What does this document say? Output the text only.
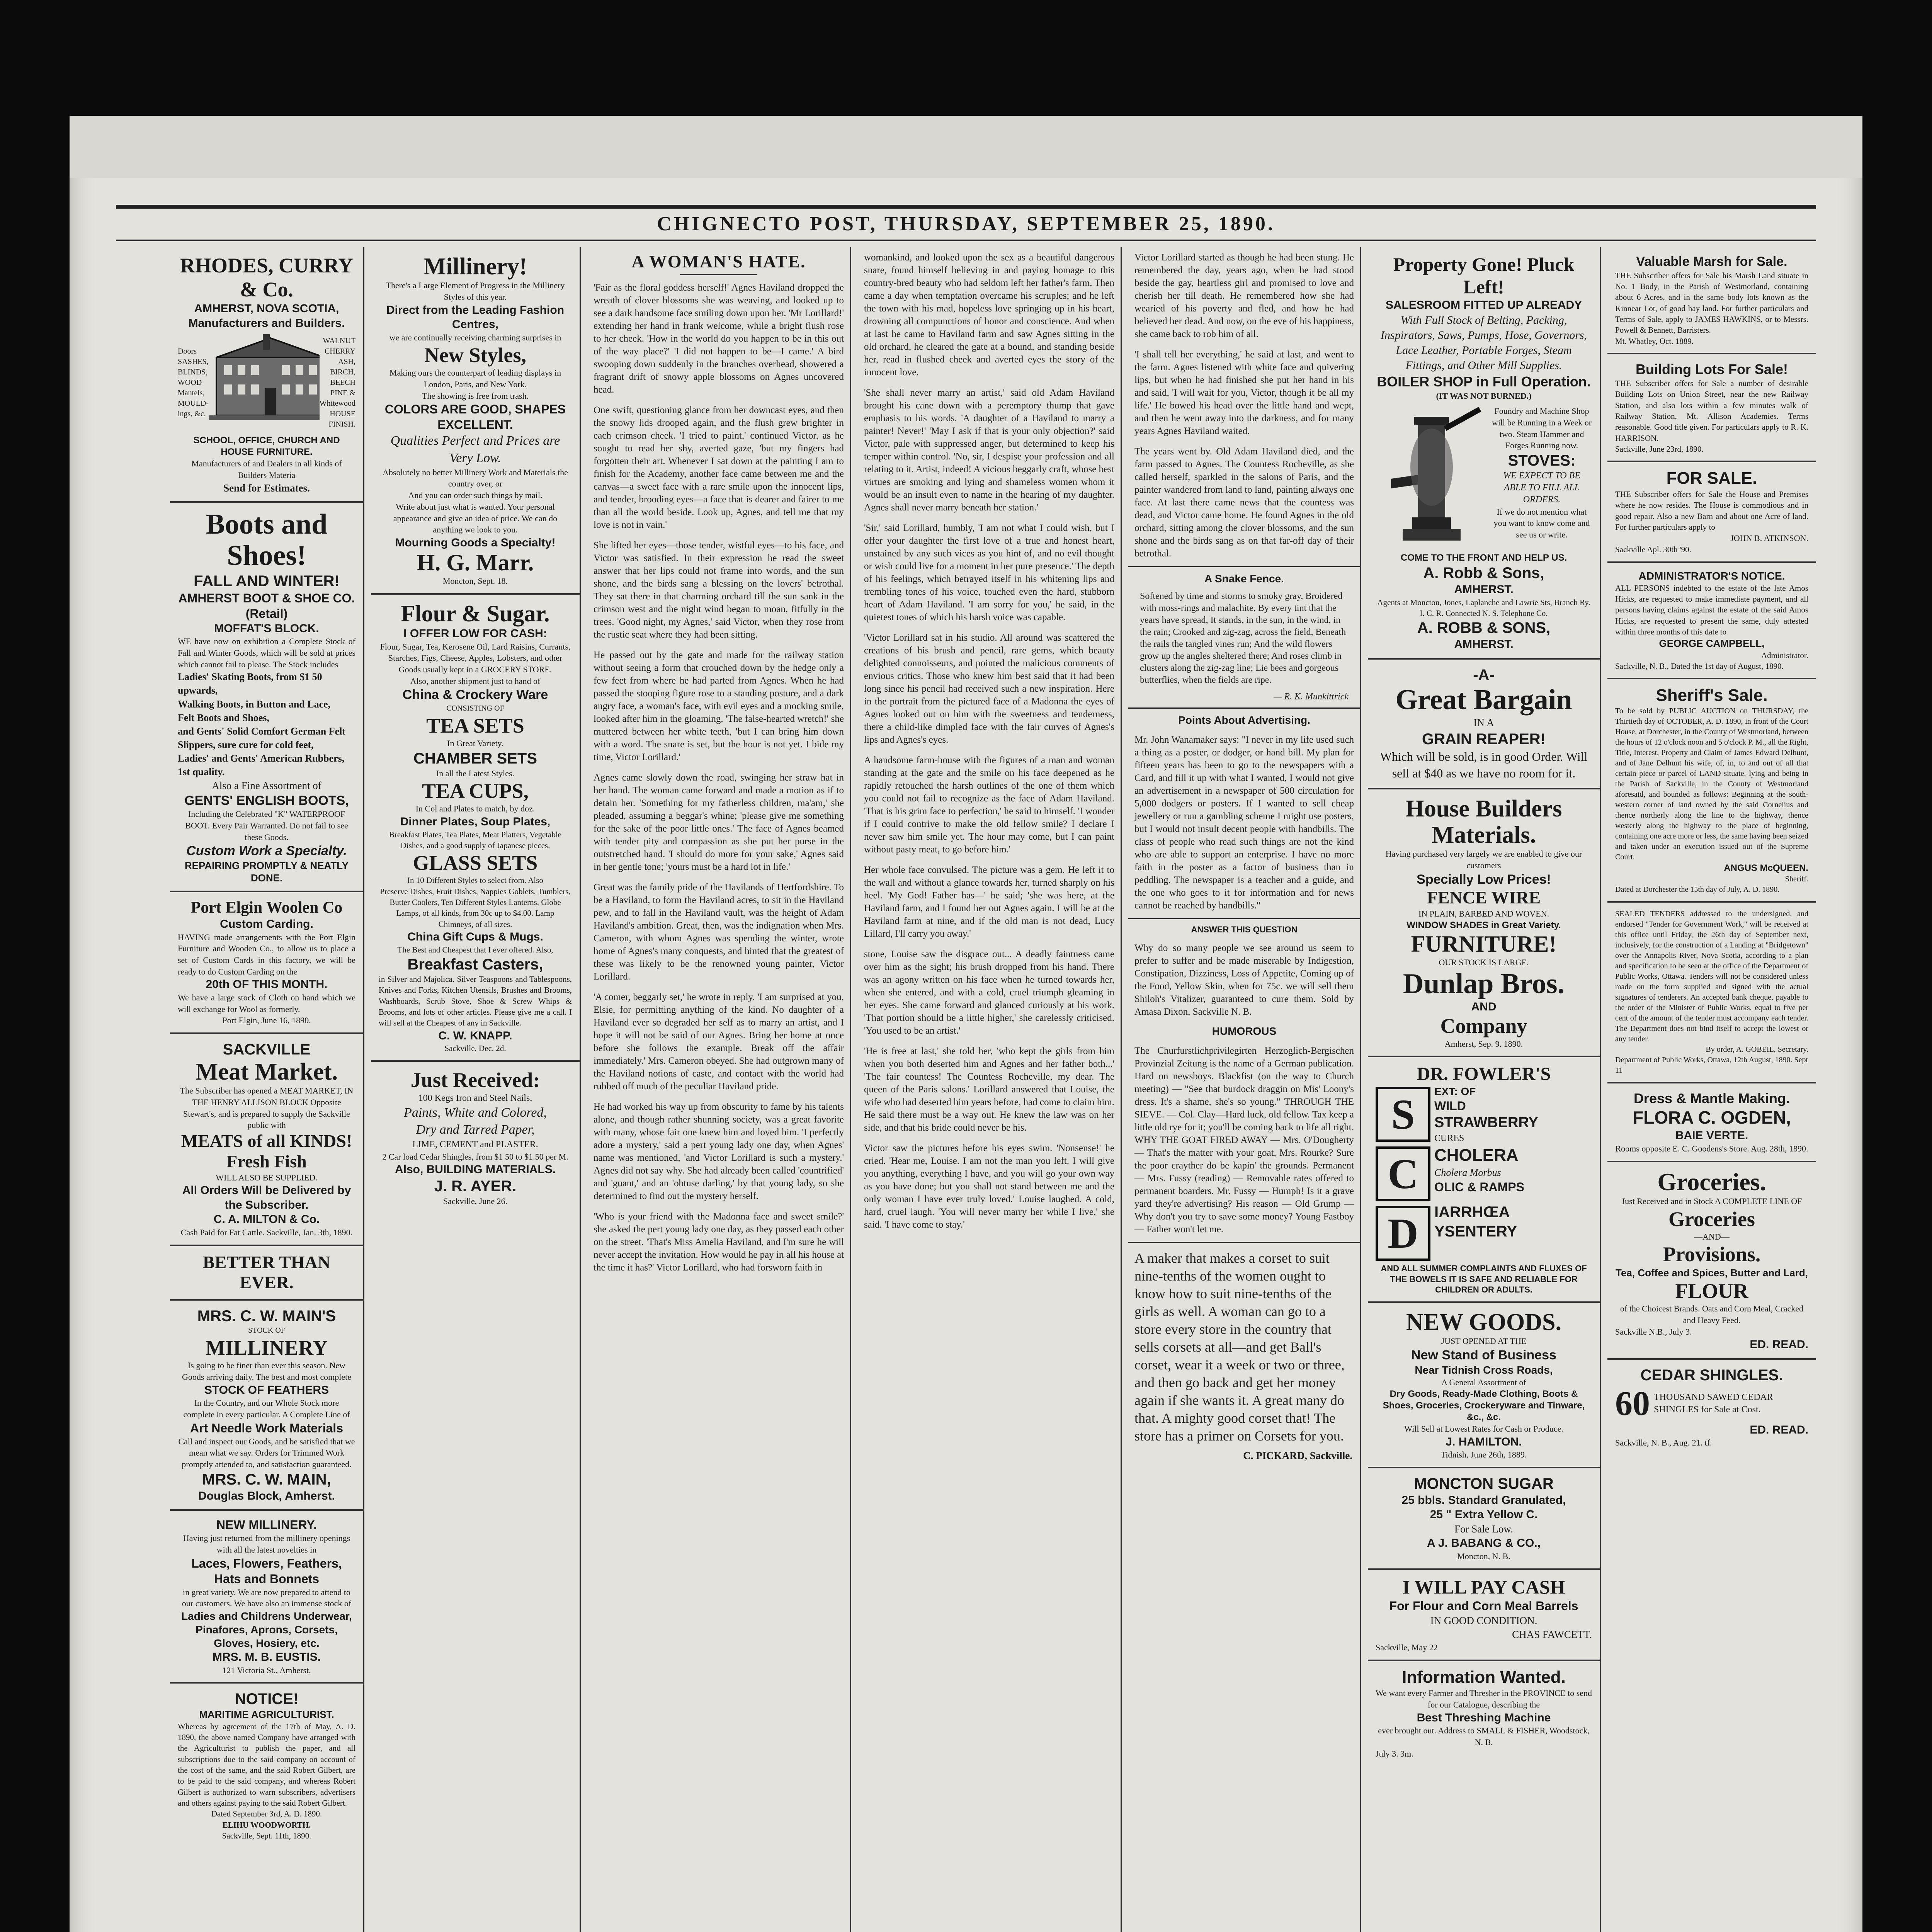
CHIGNECTO POST, THURSDAY, SEPTEMBER 25, 1890.
RHODES, CURRY & Co.
AMHERST, NOVA SCOTIA,
Manufacturers and Builders.
Doors
SASHES,
BLINDS,
WOOD
Mantels,
MOULD-
ings, &c.
WALNUT
CHERRY
ASH,
BIRCH,
BEECH
PINE &
Whitewood
HOUSE
FINISH.
SCHOOL, OFFICE, CHURCH AND HOUSE FURNITURE.
Manufacturers of and Dealers in all kinds of Builders Materia
Send for Estimates.
Boots and Shoes!
FALL AND WINTER!
AMHERST BOOT & SHOE CO. (Retail)
MOFFAT'S BLOCK.
WE have now on exhibition a Complete Stock of Fall and Winter Goods, which will be sold at prices which cannot fail to please. The Stock includes
Ladies' Skating Boots, from $1 50 upwards,
Walking Boots, in Button and Lace,
Felt Boots and Shoes,
and Gents' Solid Comfort German Felt Slippers, sure cure for cold feet,
Ladies' and Gents' American Rubbers, 1st quality.
Also a Fine Assortment of
GENTS' ENGLISH BOOTS,
Including the Celebrated "K" WATERPROOF BOOT. Every Pair Warranted. Do not fail to see these Goods.
Custom Work a Specialty.
REPAIRING PROMPTLY & NEATLY DONE.
Port Elgin Woolen Co
Custom Carding.
HAVING made arrangements with the Port Elgin Furniture and Wooden Co., to allow us to place a set of Custom Cards in this factory, we will be ready to do Custom Carding on the
20th OF THIS MONTH.
We have a large stock of Cloth on hand which we will exchange for Wool as formerly.
Port Elgin, June 16, 1890.
SACKVILLE
Meat Market.
The Subscriber has opened a MEAT MARKET, IN THE HENRY ALLISON BLOCK Opposite Stewart's, and is prepared to supply the Sackville public with
MEATS of all KINDS!
Fresh Fish
WILL ALSO BE SUPPLIED.
All Orders Will be Delivered by the Subscriber.
C. A. MILTON & Co.
Cash Paid for Fat Cattle. Sackville, Jan. 3th, 1890.
BETTER THAN EVER.
MRS. C. W. MAIN'S
STOCK OF
MILLINERY
Is going to be finer than ever this season. New Goods arriving daily. The best and most complete
STOCK OF FEATHERS
In the Country, and our Whole Stock more complete in every particular. A Complete Line of
Art Needle Work Materials
Call and inspect our Goods, and be satisfied that we mean what we say. Orders for Trimmed Work promptly attended to, and satisfaction guaranteed.
MRS. C. W. MAIN,
Douglas Block, Amherst.
NEW MILLINERY.
Having just returned from the millinery openings with all the latest novelties in
Laces, Flowers, Feathers, Hats and Bonnets
in great variety. We are now prepared to attend to our customers. We have also an immense stock of
Ladies and Childrens Underwear, Pinafores, Aprons, Corsets, Gloves, Hosiery, etc.
MRS. M. B. EUSTIS.
121 Victoria St., Amherst.
NOTICE!
MARITIME AGRICULTURIST.
Whereas by agreement of the 17th of May, A. D. 1890, the above named Company have arranged with the Agriculturist to publish the paper, and all subscriptions due to the said company on account of the cost of the same, and the said Robert Gilbert, are to be paid to the said company, and whereas Robert Gilbert is authorized to warn subscribers, advertisers and others against paying to the said Robert Gilbert.
Dated September 3rd, A. D. 1890.
ELIHU WOODWORTH.
Sackville, Sept. 11th, 1890.
Millinery!
There's a Large Element of Progress in the Millinery Styles of this year.
Direct from the Leading Fashion Centres,
we are continually receiving charming surprises in
New Styles,
Making ours the counterpart of leading displays in London, Paris, and New York.
The showing is free from trash.
COLORS ARE GOOD, SHAPES EXCELLENT.
Qualities Perfect and Prices are Very Low.
Absolutely no better Millinery Work and Materials the country over, or
And you can order such things by mail.
Write about just what is wanted. Your personal appearance and give an idea of price. We can do anything we look to you.
Mourning Goods a Specialty!
H. G. Marr.
Moncton, Sept. 18.
Flour & Sugar.
I OFFER LOW FOR CASH:
Flour, Sugar, Tea, Kerosene Oil, Lard Raisins, Currants, Starches, Figs, Cheese, Apples, Lobsters, and other Goods usually kept in a GROCERY STORE.
Also, another shipment just to hand of
China & Crockery Ware
CONSISTING OF
TEA SETS
In Great Variety.
CHAMBER SETS
In all the Latest Styles.
TEA CUPS,
In Col and Plates to match, by doz.
Dinner Plates, Soup Plates,
Breakfast Plates, Tea Plates, Meat Platters, Vegetable Dishes, and a good supply of Japanese pieces.
GLASS SETS
In 10 Different Styles to select from. Also
Preserve Dishes, Fruit Dishes, Nappies Goblets, Tumblers, Butter Coolers, Ten Different Styles Lanterns, Globe Lamps, of all kinds, from 30c up to $4.00. Lamp Chimneys, of all sizes.
China Gift Cups & Mugs.
The Best and Cheapest that I ever offered. Also,
Breakfast Casters,
in Silver and Majolica. Silver Teaspoons and Tablespoons, Knives and Forks, Kitchen Utensils, Brushes and Brooms, Washboards, Scrub Stove, Shoe & Screw Whips & Brooms, and lots of other articles. Please give me a call. I will sell at the Cheapest of any in Sackville.
C. W. KNAPP.
Sackville, Dec. 2d.
Just Received:
100 Kegs Iron and Steel Nails,
Paints, White and Colored,
Dry and Tarred Paper,
LIME, CEMENT and PLASTER.
2 Car load Cedar Shingles, from $1 50 to $1.50 per M.
Also, BUILDING MATERIALS.
J. R. AYER.
Sackville, June 26.
A WOMAN'S HATE.
'Fair as the floral goddess herself!' Agnes Haviland dropped the wreath of clover blossoms she was weaving, and looked up to see a dark handsome face smiling down upon her. 'Mr Lorillard!' extending her hand in frank welcome, while a bright flush rose to her cheek. 'How in the world do you happen to be in this out of the way place?' 'I did not happen to be—I came.' A bird swooping down suddenly in the branches overhead, showered a fragrant drift of snowy apple blossoms on Agnes uncovered head.
One swift, questioning glance from her downcast eyes, and then the snowy lids drooped again, and the flush grew brighter in each crimson cheek. 'I tried to paint,' continued Victor, as he sought to read her shy, averted gaze, 'but my fingers had forgotten their art. Whenever I sat down at the painting I am to finish for the Academy, another face came between me and the canvas—a sweet face with a rare smile upon the innocent lips, and tender, brooding eyes—a face that is dearer and fairer to me than all the world beside. Look up, Agnes, and tell me that my love is not in vain.'
She lifted her eyes—those tender, wistful eyes—to his face, and Victor was satisfied. In their expression he read the sweet answer that her lips could not frame into words, and the sun shone, and the birds sang a blessing on the lovers' betrothal. They sat there in that charming orchard till the sun sank in the crimson west and the night wind began to moan, fitfully in the trees. 'Good night, my Agnes,' said Victor, when they rose from the rustic seat where they had been sitting.
He passed out by the gate and made for the railway station without seeing a form that crouched down by the hedge only a few feet from where he had parted from Agnes. When he had passed the stooping figure rose to a standing posture, and a dark angry face, a woman's face, with evil eyes and a mocking smile, looked after him in the gloaming. 'The false-hearted wretch!' she muttered between her white teeth, 'but I can bring him down with a word. The snare is set, but the hour is not yet. I bide my time, Victor Lorillard.'
Agnes came slowly down the road, swinging her straw hat in her hand. The woman came forward and made a motion as if to detain her. 'Something for my fatherless children, ma'am,' she pleaded, assuming a beggar's whine; 'please give me something for the sake of the poor little ones.' The face of Agnes beamed with tender pity and compassion as she put her purse in the outstretched hand. 'I should do more for your sake,' Agnes said in her gentle tone; 'yours must be a hard lot in life.'
Great was the family pride of the Havilands of Hertfordshire. To be a Haviland, to form the Haviland acres, to sit in the Haviland pew, and to fall in the Haviland vault, was the height of Adam Haviland's ambition. Great, then, was the indignation when Mrs. Cameron, with whom Agnes was spending the winter, wrote home of Agnes's many conquests, and hinted that the greatest of these was likely to be the renowned young painter, Victor Lorillard.
'A comer, beggarly set,' he wrote in reply. 'I am surprised at you, Elsie, for permitting anything of the kind. No daughter of a Haviland ever so degraded her self as to marry an artist, and I hope it will not be said of our Agnes. Bring her home at once before she follows the example. Break off the affair immediately.' Mrs. Cameron obeyed. She had outgrown many of the Haviland notions of caste, and contact with the world had rubbed off much of the peculiar Haviland pride.
He had worked his way up from obscurity to fame by his talents alone, and though rather shunning society, was a great favorite with many, whose fair one knew him and loved him. 'I perfectly adore a mystery,' said a pert young lady one day, when Agnes' name was mentioned, 'and Victor Lorillard is such a mystery.' Agnes did not say why. She had already been called 'countrified' and 'guant,' and an 'obtuse darling,' by that young lady, so she determined to find out the mystery herself.
'Who is your friend with the Madonna face and sweet smile?' she asked the pert young lady one day, as they passed each other on the street. 'That's Miss Amelia Haviland, and I'm sure he will never accept the invitation. How would he pay in all his house at the time it has?' Victor Lorillard, who had forsworn faith in
womankind, and looked upon the sex as a beautiful dangerous snare, found himself believing in and paying homage to this country-bred beauty who had seldom left her father's farm. Then came a day when temptation overcame his scruples; and he left the town with his mad, hopeless love springing up in his heart, drowning all compunctions of honor and conscience. And when at last he came to Haviland farm and saw Agnes sitting in the old orchard, he cleared the gate at a bound, and standing beside her, read in flushed cheek and averted eyes the story of the innocent love.
'She shall never marry an artist,' said old Adam Haviland brought his cane down with a peremptory thump that gave emphasis to his words. 'A daughter of a Haviland to marry a painter! Never!' 'May I ask if that is your only objection?' said Victor, pale with suppressed anger, but determined to keep his temper within control. 'No, sir, I despise your profession and all relating to it. Artist, indeed! A vicious beggarly craft, whose best virtues are smoking and lying and shameless women whom it would be an insult even to name in the hearing of my daughter. Agnes shall never marry beneath her station.'
'Sir,' said Lorillard, humbly, 'I am not what I could wish, but I offer your daughter the first love of a true and honest heart, unstained by any such vices as you hint of, and no evil thought or wish could live for a moment in her pure presence.' The depth of his feelings, which betrayed itself in his whitening lips and trembling tones of his voice, touched even the hard, stubborn heart of Adam Haviland. 'I am sorry for you,' he said, in the quietest tones of which his harsh voice was capable.
'Victor Lorillard sat in his studio. All around was scattered the creations of his brush and pencil, rare gems, which beauty delighted connoisseurs, and pointed the malicious comments of envious critics. Those who knew him best said that it had been long since his pencil had received such a new inspiration. Here in the portrait from the pictured face of a Madonna the eyes of Agnes looked out on him with the sweetness and tenderness, there a child-like dimpled face with the fair curves of Agnes's lips and Agnes's eyes.
A handsome farm-house with the figures of a man and woman standing at the gate and the smile on his face deepened as he rapidly retouched the harsh outlines of the one of them which you could not fail to recognize as the face of Adam Haviland. 'That is his grim face to perfection,' he said to himself. 'I wonder if I could contrive to make the old fellow smile? I declare I never saw him smile yet. The hour may come, but I can paint without pasty meat, to go before him.'
Her whole face convulsed. The picture was a gem. He left it to the wall and without a glance towards her, turned sharply on his heel. 'My God! Father has—' he said; 'she was here, at the Haviland farm, and I found her out Agnes again. I will be at the Haviland farm at nine, and if the old man is not dead, Lucy Lillard, I'll carry you away.'
stone, Louise saw the disgrace out... A deadly faintness came over him as the sight; his brush dropped from his hand. There was an agony written on his face when he turned towards her, when she entered, and with a cold, cruel triumph gleaming in her eyes. She came forward and glanced curiously at his work. 'That portion should be a little higher,' she carelessly criticised. 'You used to be an artist.'
'He is free at last,' she told her, 'who kept the girls from him when you both deserted him and Agnes and her father both...' 'The fair countess! The Countess Rocheville, my dear. The queen of the Paris salons.' Lorillard answered that Louise, the wife who had deserted him years before, had come to claim him. He said there must be a way out. He knew the law was on her side, and that his bride could never be his.
Victor saw the pictures before his eyes swim. 'Nonsense!' he cried. 'Hear me, Louise. I am not the man you left. I will give you anything, everything I have, and you will go your own way as you have done; but you shall not stand between me and the only woman I have ever truly loved.' Louise laughed. A cold, hard, cruel laugh. 'You will never marry her while I live,' she said. 'I have come to stay.'
Victor Lorillard started as though he had been stung. He remembered the day, years ago, when he had stood beside the gay, heartless girl and promised to love and cherish her till death. He remembered how she had wearied of his poverty and fled, and how he had believed her dead. And now, on the eve of his happiness, she came back to rob him of all.
'I shall tell her everything,' he said at last, and went to the farm. Agnes listened with white face and quivering lips, but when he had finished she put her hand in his and said, 'I will wait for you, Victor, though it be all my life.' He bowed his head over the little hand and wept, and then he went away into the darkness, and for many years Agnes Haviland waited.
The years went by. Old Adam Haviland died, and the farm passed to Agnes. The Countess Rocheville, as she called herself, sparkled in the salons of Paris, and the painter wandered from land to land, painting always one face. At last there came news that the countess was dead, and Victor came home. He found Agnes in the old orchard, sitting among the clover blossoms, and the sun shone and the birds sang as on that far-off day of their betrothal.
A Snake Fence.
Softened by time and storms to smoky gray, Broidered with moss-rings and malachite, By every tint that the years have spread, It stands, in the sun, in the wind, in the rain; Crooked and zig-zag, across the field, Beneath the rails the tangled vines run; And the wild flowers grow up the angles sheltered there; And roses climb in clusters along the zig-zag line; Lie bees and gorgeous butterflies, when the fields are ripe.
— R. K. Munkittrick
Points About Advertising.
Mr. John Wanamaker says: "I never in my life used such a thing as a poster, or dodger, or hand bill. My plan for fifteen years has been to go to the newspapers with a Card, and fill it up with what I wanted, I would not give an advertisement in a newspaper of 500 circulation for 5,000 dodgers or posters. If I wanted to sell cheap jewellery or run a gambling scheme I might use posters, but I would not insult decent people with handbills. The class of people who read such things are not the kind who are able to support an enterprise. I have no more faith in the poster as a factor of business than in peddling. The newspaper is a teacher and a guide, and the one who goes to it for information and for news cannot be reached by handbills."
ANSWER THIS QUESTION
Why do so many people we see around us seem to prefer to suffer and be made miserable by Indigestion, Constipation, Dizziness, Loss of Appetite, Coming up of the Food, Yellow Skin, when for 75c. we will sell them Shiloh's Vitalizer, guaranteed to cure them. Sold by Amasa Dixon, Sackville N. B.
HUMOROUS
The Churfurstlichprivilegirten Herzoglich-Bergischen Provinzial Zeitung is the name of a German publication. Hard on newsboys. Blackfist (on the way to Church meeting) — "See that burdock draggin on Mis' Loony's dress. It's a shame, she's so young." THROUGH THE SIEVE. — Col. Clay—Hard luck, old fellow. Tax keep a little old rye for it; you'll be coming back to life all right. WHY THE GOAT FIRED AWAY — Mrs. O'Dougherty — That's the matter with your goat, Mrs. Rourke? Sure the poor crayther do be kapin' the grounds. Permanent — Mrs. Fussy (reading) — Removable rates offered to permanent boarders. Mr. Fussy — Humph! Is it a grave yard they're advertising? His reason — Old Grump — Why don't you try to save some money? Young Fastboy — Father won't let me.
A maker that makes a corset to suit nine-tenths of the women ought to know how to suit nine-tenths of the girls as well. A woman can go to a store every store in the country that sells corsets at all—and get Ball's corset, wear it a week or two or three, and then go back and get her money again if she wants it. A great many do that. A mighty good corset that! The store has a primer on Corsets for you.
C. PICKARD, Sackville.
Property Gone! Pluck Left!
SALESROOM FITTED UP ALREADY
With Full Stock of Belting, Packing, Inspirators, Saws, Pumps, Hose, Governors, Lace Leather, Portable Forges, Steam Fittings, and Other Mill Supplies.
BOILER SHOP in Full Operation.
(IT WAS NOT BURNED.)
Foundry and Machine Shop will be Running in a Week or two. Steam Hammer and Forges Running now.
STOVES:
WE EXPECT TO BE ABLE TO FILL ALL ORDERS.
If we do not mention what you want to know come and see us or write.
COME TO THE FRONT AND HELP US.
A. Robb & Sons,
AMHERST.
Agents at Moncton, Jones, Laplanche and Lawrie Sts, Branch Ry. I. C. R. Connected N. S. Telephone Co.
A. ROBB & SONS,
AMHERST.
-A-
Great Bargain
IN A
GRAIN REAPER!
Which will be sold, is in good Order. Will sell at $40 as we have no room for it.
House Builders Materials.
Having purchased very largely we are enabled to give our customers
Specially Low Prices!
FENCE WIRE
IN PLAIN, BARBED AND WOVEN.
WINDOW SHADES in Great Variety.
FURNITURE!
OUR STOCK IS LARGE.
Dunlap Bros.
AND
Company
Amherst, Sep. 9. 1890.
DR. FOWLER'S
S
C
D
EXT: OF
WILD
STRAWBERRY
CURES
CHOLERA
Cholera Morbus
OLIC & RAMPS
IARRHŒA
YSENTERY
AND ALL SUMMER COMPLAINTS AND FLUXES OF THE BOWELS IT IS SAFE AND RELIABLE FOR CHILDREN OR ADULTS.
NEW GOODS.
JUST OPENED AT THE
New Stand of Business
Near Tidnish Cross Roads,
A General Assortment of
Dry Goods, Ready-Made Clothing, Boots & Shoes, Groceries, Crockeryware and Tinware, &c., &c.
Will Sell at Lowest Rates for Cash or Produce.
J. HAMILTON.
Tidnish, June 26th, 1889.
MONCTON SUGAR
25 bbls. Standard Granulated,
25 " Extra Yellow C.
For Sale Low.
A J. BABANG & CO.,
Moncton, N. B.
I WILL PAY CASH
For Flour and Corn Meal Barrels
IN GOOD CONDITION.
CHAS FAWCETT.
Sackville, May 22
Information Wanted.
We want every Farmer and Thresher in the PROVINCE to send for our Catalogue, describing the
Best Threshing Machine
ever brought out. Address to SMALL & FISHER, Woodstock, N. B.
July 3. 3m.
Valuable Marsh for Sale.
THE Subscriber offers for Sale his Marsh Land situate in No. 1 Body, in the Parish of Westmorland, containing about 6 Acres, and in the same body lots known as the Kinnear Lot, of good hay land. For further particulars and Terms of Sale, apply to JAMES HAWKINS, or to Messrs. Powell & Bennett, Barristers.
Mt. Whatley, Oct. 1889.
Building Lots For Sale!
THE Subscriber offers for Sale a number of desirable Building Lots on Union Street, near the new Railway Station, and also lots within a few minutes walk of Railway Station, Mt. Allison Academies. Terms reasonable. Good title given. For particulars apply to R. K. HARRISON.
Sackville, June 23rd, 1890.
FOR SALE.
THE Subscriber offers for Sale the House and Premises where he now resides. The House is commodious and in good repair. Also a new Barn and about one Acre of land. For further particulars apply to
JOHN B. ATKINSON.
Sackville Apl. 30th '90.
ADMINISTRATOR'S NOTICE.
ALL PERSONS indebted to the estate of the late Amos Hicks, are requested to make immediate payment, and all persons having claims against the estate of the said Amos Hicks, are requested to present the same, duly attested within three months of this date to
GEORGE CAMPBELL,
Administrator.
Sackville, N. B., Dated the 1st day of August, 1890.
Sheriff's Sale.
To be sold by PUBLIC AUCTION on THURSDAY, the Thirtieth day of OCTOBER, A. D. 1890, in front of the Court House, at Dorchester, in the County of Westmorland, between the hours of 12 o'clock noon and 5 o'clock P. M., all the Right, Title, Interest, Property and Claim of James Edward Delhunt, and of Jane Delhunt his wife, of, in, to and out of all that certain piece or parcel of LAND situate, lying and being in the Parish of Sackville, in the County of Westmorland aforesaid, and bounded as follows: Beginning at the south-western corner of land owned by the said Cornelius and thence northerly along the line to the highway, thence westerly along the highway to the place of beginning, containing one acre more or less, the same having been seized and taken under an execution issued out of the Supreme Court.
ANGUS McQUEEN.
Sheriff.
Dated at Dorchester the 15th day of July, A. D. 1890.
SEALED TENDERS addressed to the undersigned, and endorsed "Tender for Government Work," will be received at this office until Friday, the 26th day of September next, inclusively, for the construction of a Landing at "Bridgetown" over the Annapolis River, Nova Scotia, according to a plan and specification to be seen at the office of the Department of Public Works, Ottawa. Tenders will not be considered unless made on the form supplied and signed with the actual signatures of tenderers. An accepted bank cheque, payable to the order of the Minister of Public Works, equal to five per cent of the amount of the tender must accompany each tender. The Department does not bind itself to accept the lowest or any tender.
By order, A. GOBEIL, Secretary.
Department of Public Works, Ottawa, 12th August, 1890. Sept 11
Dress & Mantle Making.
FLORA C. OGDEN,
BAIE VERTE.
Rooms opposite E. C. Goodens's Store. Aug. 28th, 1890.
Groceries.
Just Received and in Stock A COMPLETE LINE OF
Groceries
—AND—
Provisions.
Tea, Coffee and Spices, Butter and Lard,
FLOUR
of the Choicest Brands. Oats and Corn Meal, Cracked and Heavy Feed.
Sackville N.B., July 3.
ED. READ.
CEDAR SHINGLES.
60 THOUSAND SAWED CEDAR SHINGLES for Sale at Cost.
ED. READ.
Sackville, N. B., Aug. 21. tf.
